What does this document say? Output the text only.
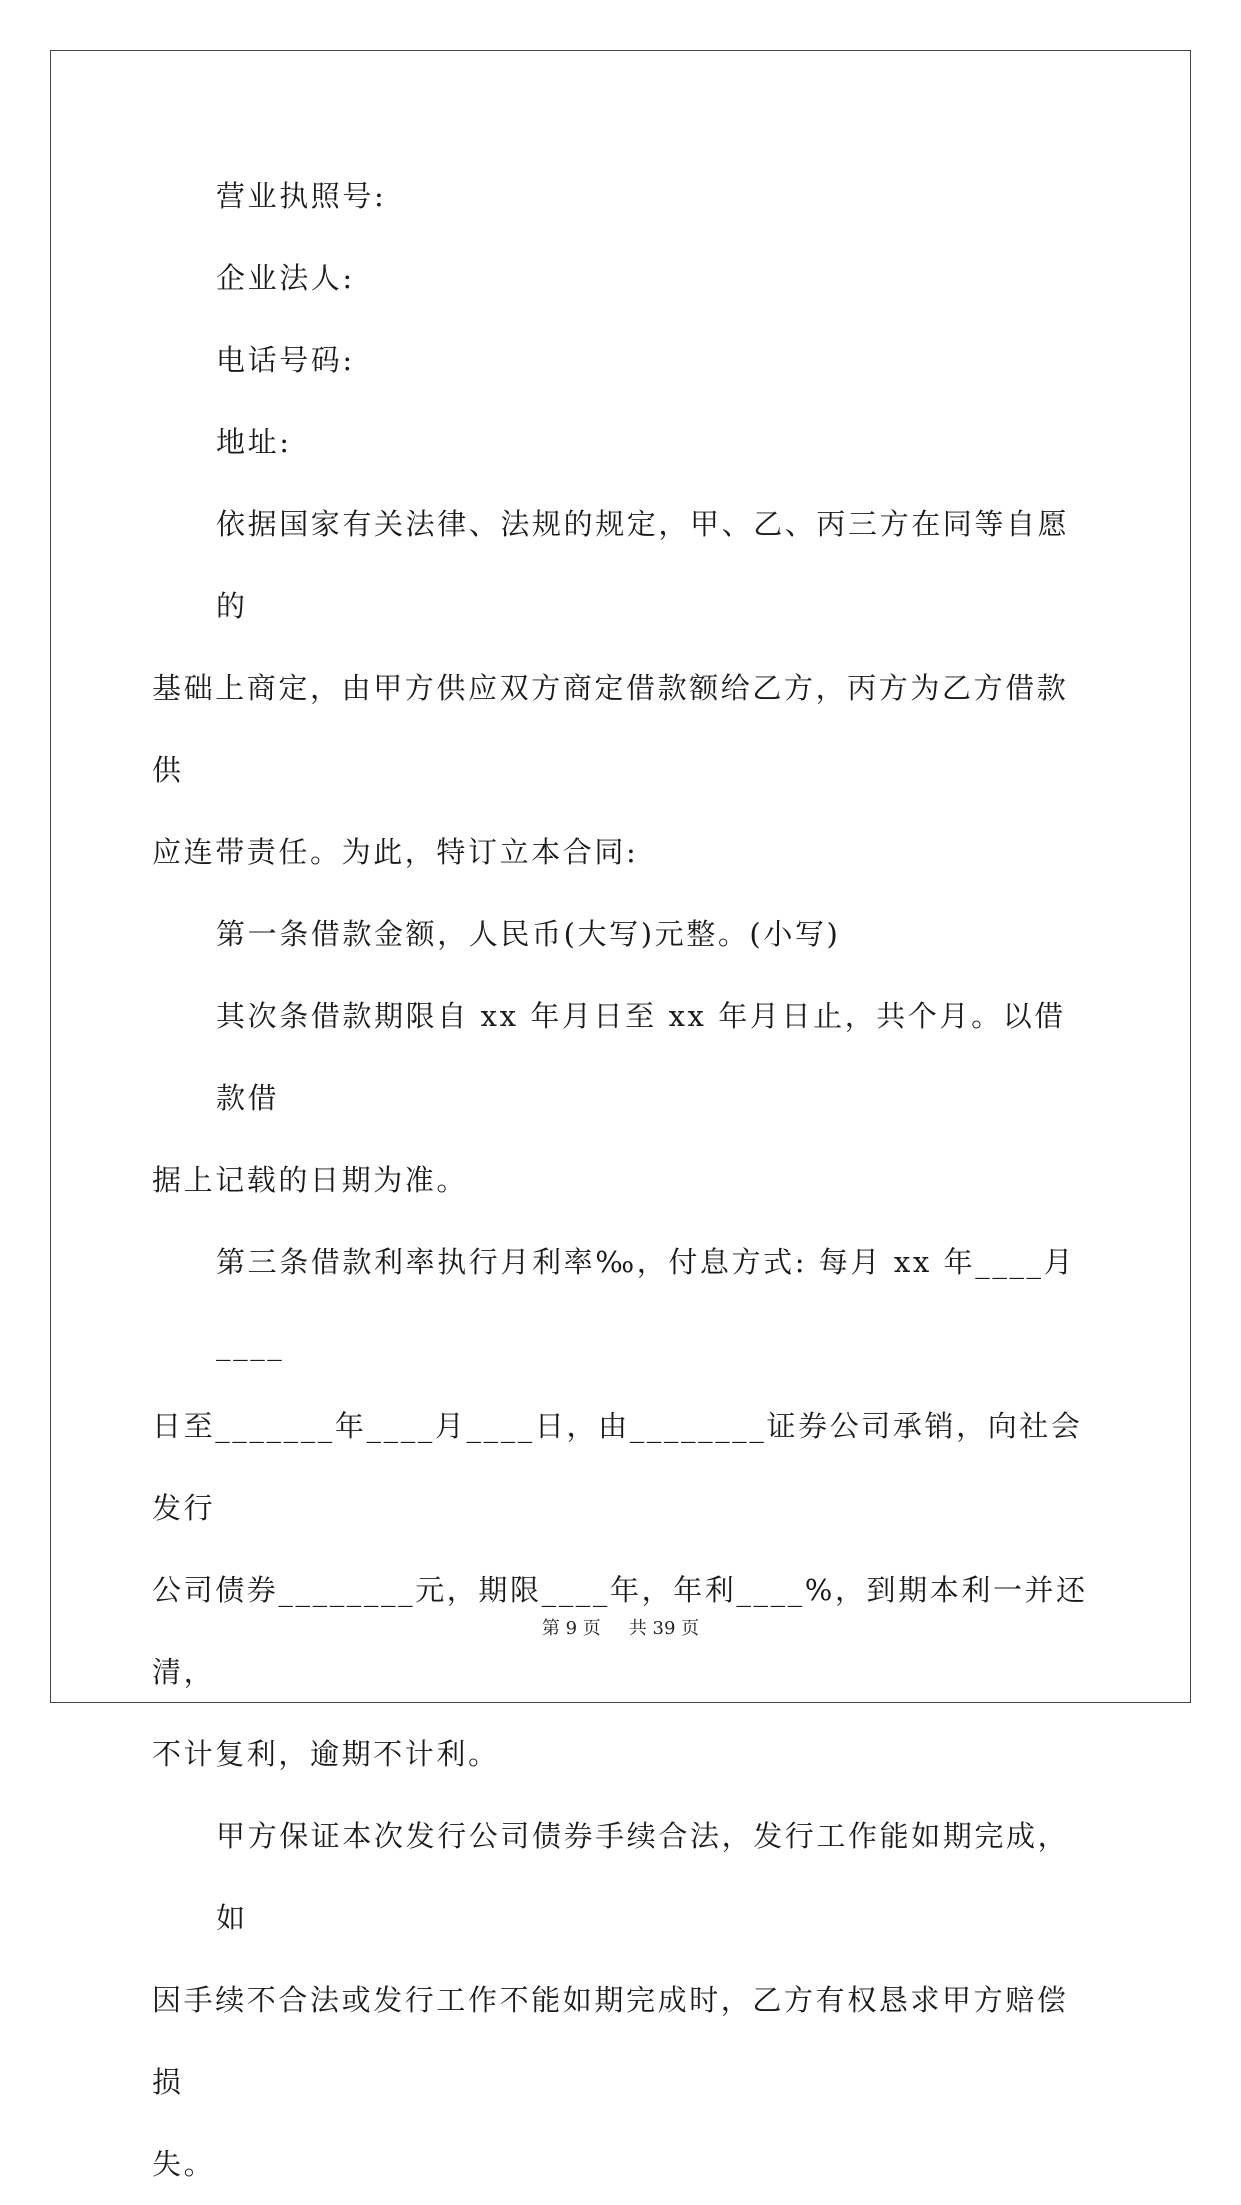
营业执照号:
企业法人:
电话号码:
地址:
依据国家有关法律、法规的规定，甲、乙、丙三方在同等自愿的
基础上商定，由甲方供应双方商定借款额给乙方，丙方为乙方借款供
应连带责任。为此，特订立本合同:
第一条借款金额，人民币(大写)元整。(小写)
其次条借款期限自 xx 年月日至 xx 年月日止，共个月。以借款借
据上记载的日期为准。
第三条借款利率执行月利率‰，付息方式: 每月 xx 年____月____
日至_______年____月____日，由________证券公司承销，向社会发行
公司债券________元，期限____年，年利____%，到期本利一并还清，
不计复利，逾期不计利。
甲方保证本次发行公司债券手续合法，发行工作能如期完成，如
因手续不合法或发行工作不能如期完成时，乙方有权恳求甲方赔偿损
失。
第 9 页 共 39 页
